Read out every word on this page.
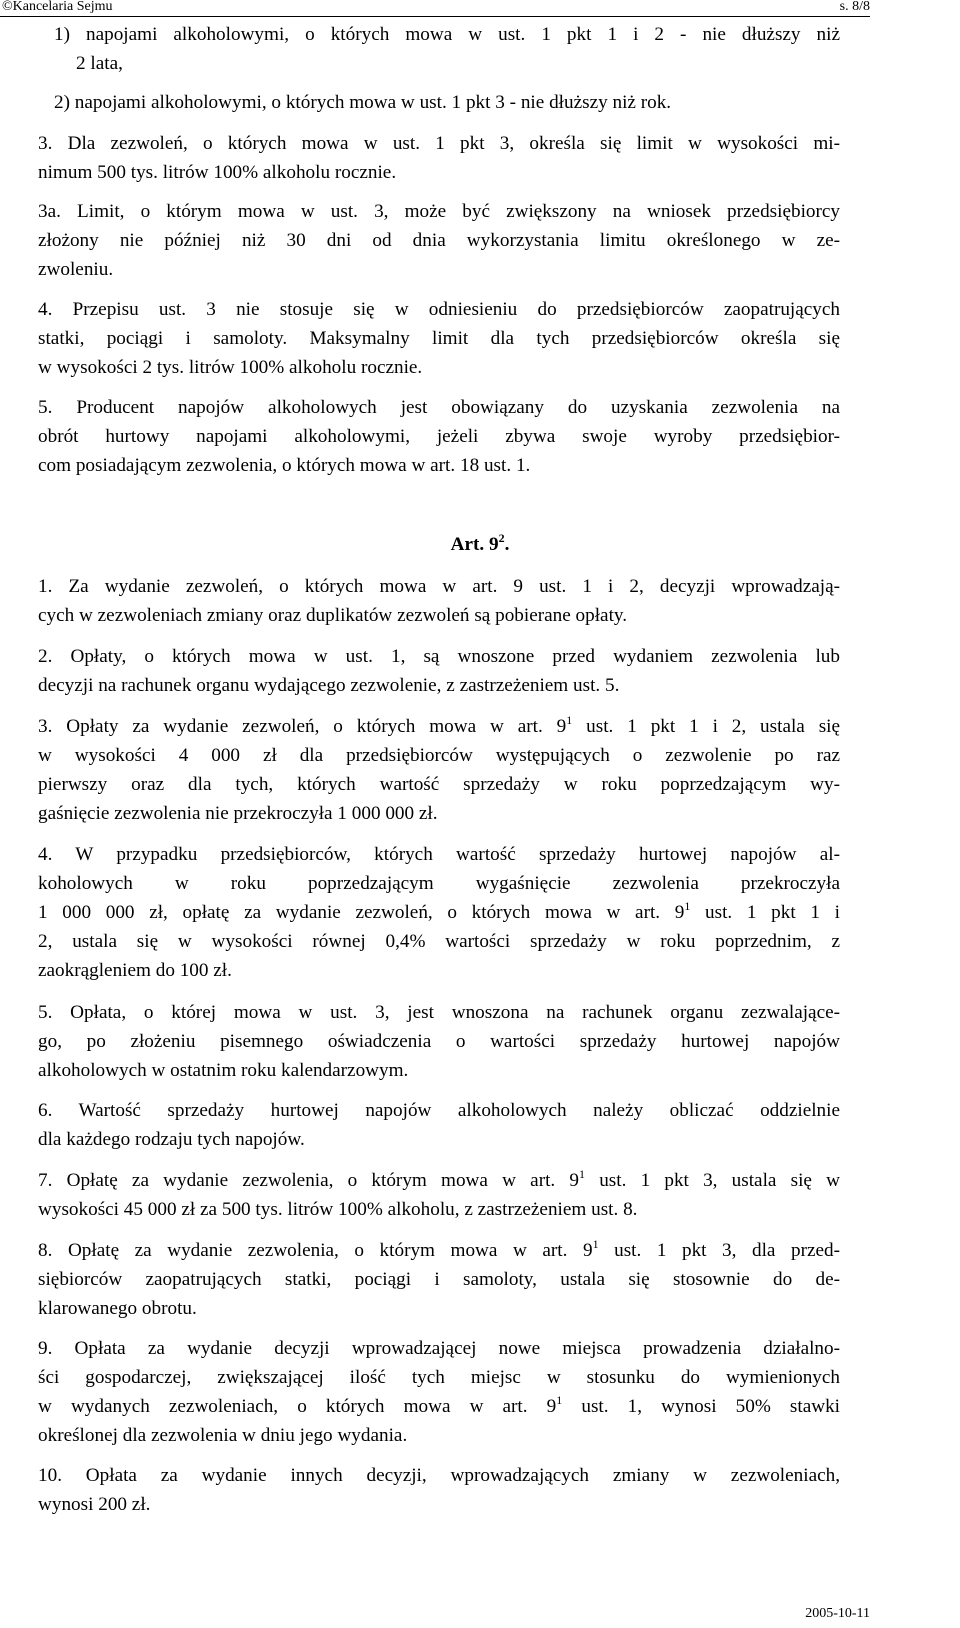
©Kancelaria Sejmu	s. 8/8
1) napojami alkoholowymi, o których mowa w ust. 1 pkt 1 i 2 - nie dłuższy niż
2 lata,
2) napojami alkoholowymi, o których mowa w ust. 1 pkt 3 - nie dłuższy niż rok.
3. Dla zezwoleń, o których mowa w ust. 1 pkt 3, określa się limit w wysokości mi-
nimum 500 tys. litrów 100% alkoholu rocznie.
3a. Limit, o którym mowa w ust. 3, może być zwiększony na wniosek przedsiębiorcy
złożony nie później niż 30 dni od dnia wykorzystania limitu określonego w ze-
zwoleniu.
4. Przepisu ust. 3 nie stosuje się w odniesieniu do przedsiębiorców zaopatrujących
statki, pociągi i samoloty. Maksymalny limit dla tych przedsiębiorców określa się
w wysokości 2 tys. litrów 100% alkoholu rocznie.
5. Producent napojów alkoholowych jest obowiązany do uzyskania zezwolenia na
obrót hurtowy napojami alkoholowymi, jeżeli zbywa swoje wyroby przedsiębior-
com posiadającym zezwolenia, o których mowa w art. 18 ust. 1.
Art. $9^2$.
1. Za wydanie zezwoleń, o których mowa w art. 9 ust. 1 i 2, decyzji wprowadzają-
cych w zezwoleniach zmiany oraz duplikatów zezwoleń są pobierane opłaty.
2. Opłaty, o których mowa w ust. 1, są wnoszone przed wydaniem zezwolenia lub
decyzji na rachunek organu wydającego zezwolenie, z zastrzeżeniem ust. 5.
3. Opłaty za wydanie zezwoleń, o których mowa w art. $9^1$ ust. 1 pkt 1 i 2, ustala się
w wysokości 4 000 zł dla przedsiębiorców występujących o zezwolenie po raz
pierwszy oraz dla tych, których wartość sprzedaży w roku poprzedzającym wy-
gaśnięcie zezwolenia nie przekroczyła 1 000 000 zł.
4. W przypadku przedsiębiorców, których wartość sprzedaży hurtowej napojów al-
koholowych w roku poprzedzającym wygaśnięcie zezwolenia przekroczyła
1 000 000 zł, opłatę za wydanie zezwoleń, o których mowa w art. $9^1$ ust. 1 pkt 1 i
2, ustala się w wysokości równej 0,4% wartości sprzedaży w roku poprzednim, z
zaokrągleniem do 100 zł.
5. Opłata, o której mowa w ust. 3, jest wnoszona na rachunek organu zezwalające-
go, po złożeniu pisemnego oświadczenia o wartości sprzedaży hurtowej napojów
alkoholowych w ostatnim roku kalendarzowym.
6. Wartość sprzedaży hurtowej napojów alkoholowych należy obliczać oddzielnie
dla każdego rodzaju tych napojów.
7. Opłatę za wydanie zezwolenia, o którym mowa w art. $9^1$ ust. 1 pkt 3, ustala się w
wysokości 45 000 zł za 500 tys. litrów 100% alkoholu, z zastrzeżeniem ust. 8.
8. Opłatę za wydanie zezwolenia, o którym mowa w art. $9^1$ ust. 1 pkt 3, dla przed-
siębiorców zaopatrujących statki, pociągi i samoloty, ustala się stosownie do de-
klarowanego obrotu.
9. Opłata za wydanie decyzji wprowadzającej nowe miejsca prowadzenia działalno-
ści gospodarczej, zwiększającej ilość tych miejsc w stosunku do wymienionych
w wydanych zezwoleniach, o których mowa w art. $9^1$ ust. 1, wynosi 50% stawki
określonej dla zezwolenia w dniu jego wydania.
10. Opłata za wydanie innych decyzji, wprowadzających zmiany w zezwoleniach,
wynosi 200 zł.
2005-10-11
